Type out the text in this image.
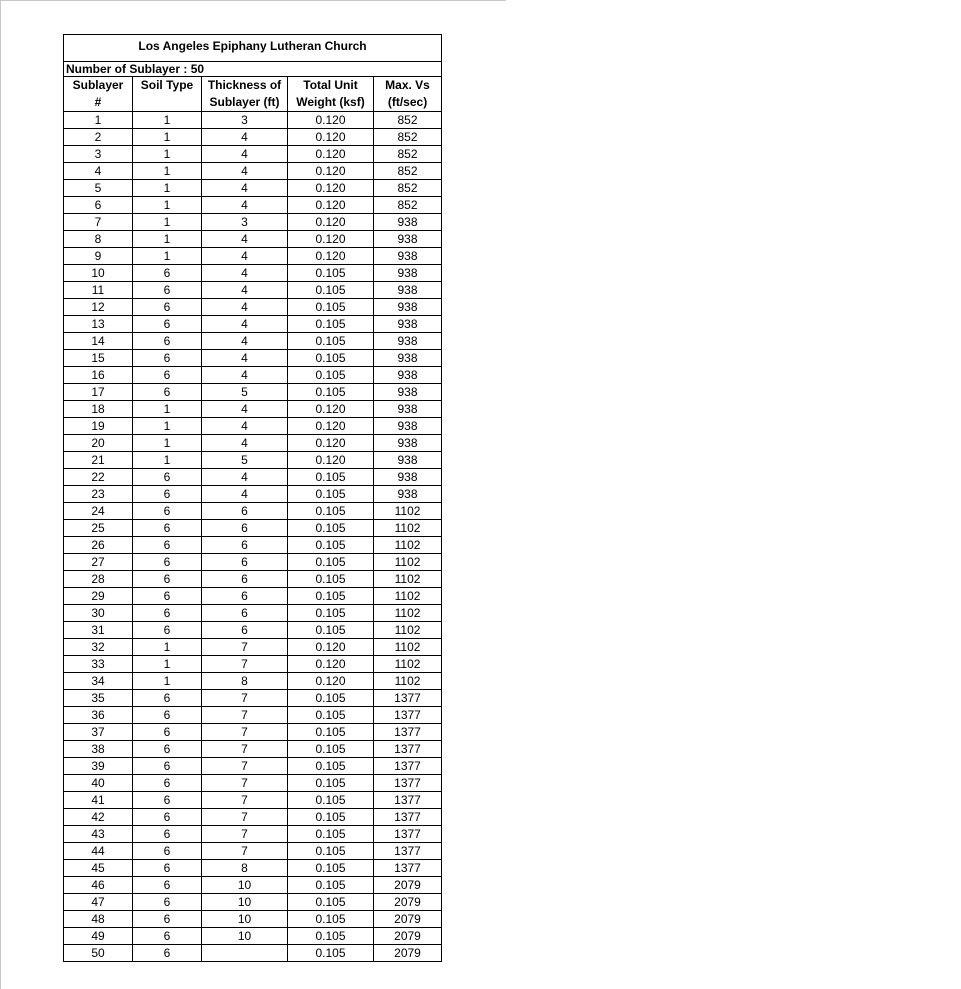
Los Angeles Epiphany Lutheran Church				
Number of Sublayer : 50				
Sublayer	Soil Type	Thickness of	Total Unit	Max. Vs
#		Sublayer (ft)	Weight (ksf)	(ft/sec)
1	1	3	0.120	852
2	1	4	0.120	852
3	1	4	0.120	852
4	1	4	0.120	852
5	1	4	0.120	852
6	1	4	0.120	852
7	1	3	0.120	938
8	1	4	0.120	938
9	1	4	0.120	938
10	6	4	0.105	938
11	6	4	0.105	938
12	6	4	0.105	938
13	6	4	0.105	938
14	6	4	0.105	938
15	6	4	0.105	938
16	6	4	0.105	938
17	6	5	0.105	938
18	1	4	0.120	938
19	1	4	0.120	938
20	1	4	0.120	938
21	1	5	0.120	938
22	6	4	0.105	938
23	6	4	0.105	938
24	6	6	0.105	1102
25	6	6	0.105	1102
26	6	6	0.105	1102
27	6	6	0.105	1102
28	6	6	0.105	1102
29	6	6	0.105	1102
30	6	6	0.105	1102
31	6	6	0.105	1102
32	1	7	0.120	1102
33	1	7	0.120	1102
34	1	8	0.120	1102
35	6	7	0.105	1377
36	6	7	0.105	1377
37	6	7	0.105	1377
38	6	7	0.105	1377
39	6	7	0.105	1377
40	6	7	0.105	1377
41	6	7	0.105	1377
42	6	7	0.105	1377
43	6	7	0.105	1377
44	6	7	0.105	1377
45	6	8	0.105	1377
46	6	10	0.105	2079
47	6	10	0.105	2079
48	6	10	0.105	2079
49	6	10	0.105	2079
50	6		0.105	2079
